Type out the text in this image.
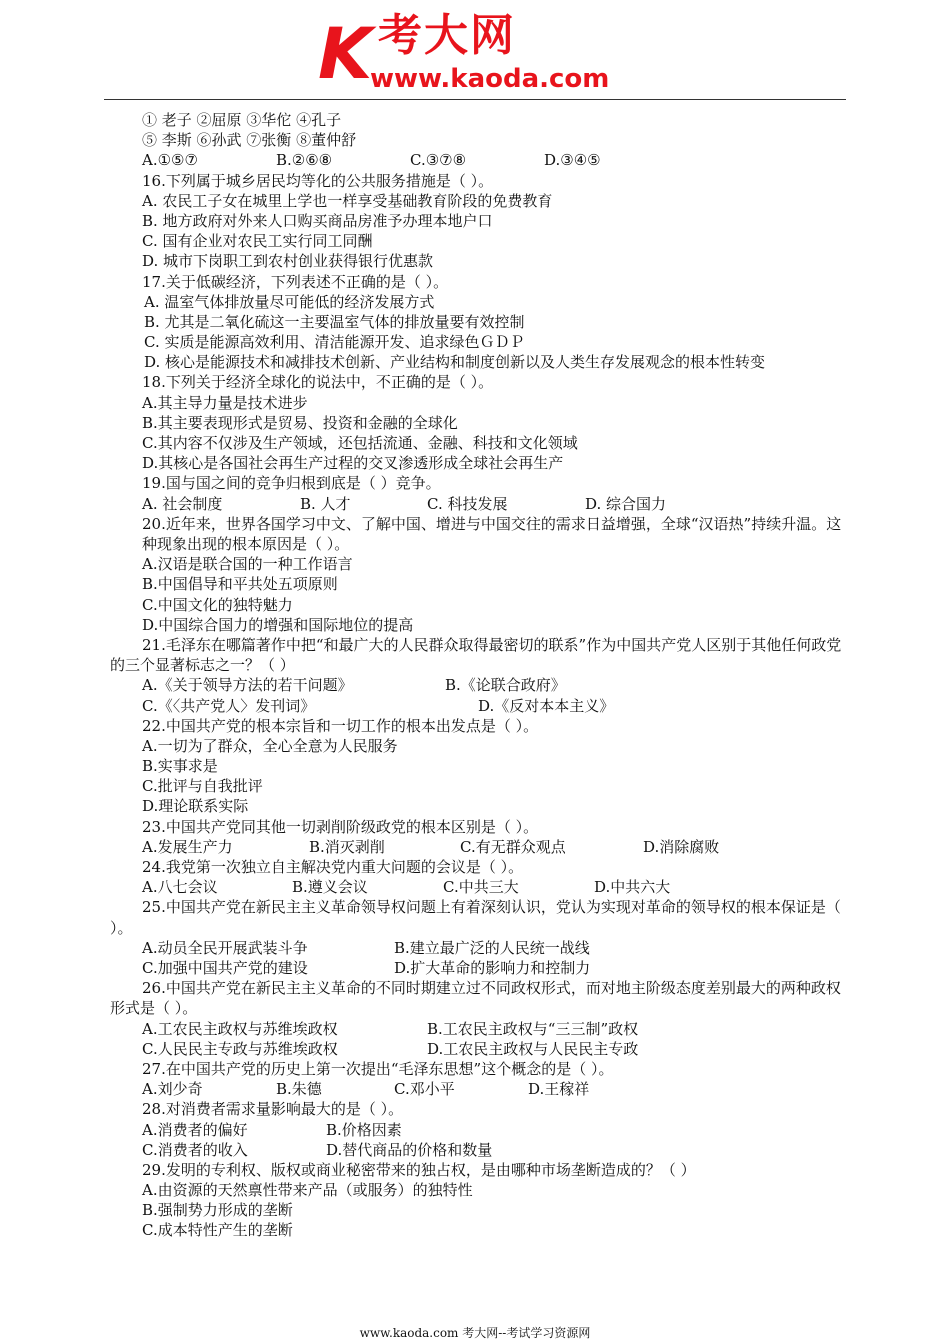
K 考大网
www.kaoda.com
① 老子 ②屈原 ③华佗 ④孔子
⑤ 李斯 ⑥孙武 ⑦张衡 ⑧董仲舒
A.①⑤⑦	B.②⑥⑧	C.③⑦⑧	D.③④⑤
16.下列属于城乡居民均等化的公共服务措施是（ ）。
A. 农民工子女在城里上学也一样享受基础教育阶段的免费教育
B. 地方政府对外来人口购买商品房准予办理本地户口
C. 国有企业对农民工实行同工同酬
D. 城市下岗职工到农村创业获得银行优惠款
17.关于低碳经济，下列表述不正确的是（ ）。
A. 温室气体排放量尽可能低的经济发展方式
B. 尤其是二氧化硫这一主要温室气体的排放量要有效控制
C. 实质是能源高效利用、清洁能源开发、追求绿色ＧＤＰ
D. 核心是能源技术和减排技术创新、产业结构和制度创新以及人类生存发展观念的根本性转变
18.下列关于经济全球化的说法中，不正确的是（ ）。
A.其主导力量是技术进步
B.其主要表现形式是贸易、投资和金融的全球化
C.其内容不仅涉及生产领域，还包括流通、金融、科技和文化领域
D.其核心是各国社会再生产过程的交叉渗透形成全球社会再生产
19.国与国之间的竞争归根到底是（ ）竞争。
A. 社会制度	B. 人才	C. 科技发展	D. 综合国力
20.近年来，世界各国学习中文、了解中国、增进与中国交往的需求日益增强，全球“汉语热”持续升温。这种现象出现的根本原因是（ ）。
A.汉语是联合国的一种工作语言
B.中国倡导和平共处五项原则
C.中国文化的独特魅力
D.中国综合国力的增强和国际地位的提高
21.毛泽东在哪篇著作中把“和最广大的人民群众取得最密切的联系”作为中国共产党人区别于其他任何政党的三个显著标志之一？（ ）
A.《关于领导方法的若干问题》	B.《论联合政府》
C.《〈共产党人〉发刊词》	D.《反对本本主义》
22.中国共产党的根本宗旨和一切工作的根本出发点是（ ）。
A.一切为了群众，全心全意为人民服务
B.实事求是
C.批评与自我批评
D.理论联系实际
23.中国共产党同其他一切剥削阶级政党的根本区别是（ ）。
A.发展生产力	B.消灭剥削	C.有无群众观点	D.消除腐败
24.我党第一次独立自主解决党内重大问题的会议是（ ）。
A.八七会议	B.遵义会议	C.中共三大	D.中共六大
25.中国共产党在新民主主义革命领导权问题上有着深刻认识，党认为实现对革命的领导权的根本保证是（ ）。
A.动员全民开展武装斗争	B.建立最广泛的人民统一战线
C.加强中国共产党的建设	D.扩大革命的影响力和控制力
26.中国共产党在新民主主义革命的不同时期建立过不同政权形式，而对地主阶级态度差别最大的两种政权形式是（ ）。
A.工农民主政权与苏维埃政权	B.工农民主政权与“三三制”政权
C.人民民主专政与苏维埃政权	D.工农民主政权与人民民主专政
27.在中国共产党的历史上第一次提出“毛泽东思想”这个概念的是（ ）。
A.刘少奇	B.朱德	C.邓小平	D.王稼祥
28.对消费者需求量影响最大的是（ ）。
A.消费者的偏好	B.价格因素
C.消费者的收入	D.替代商品的价格和数量
29.发明的专利权、版权或商业秘密带来的独占权，是由哪种市场垄断造成的？（ ）
A.由资源的天然禀性带来产品（或服务）的独特性
B.强制势力形成的垄断
C.成本特性产生的垄断
www.kaoda.com 考大网--考试学习资源网
